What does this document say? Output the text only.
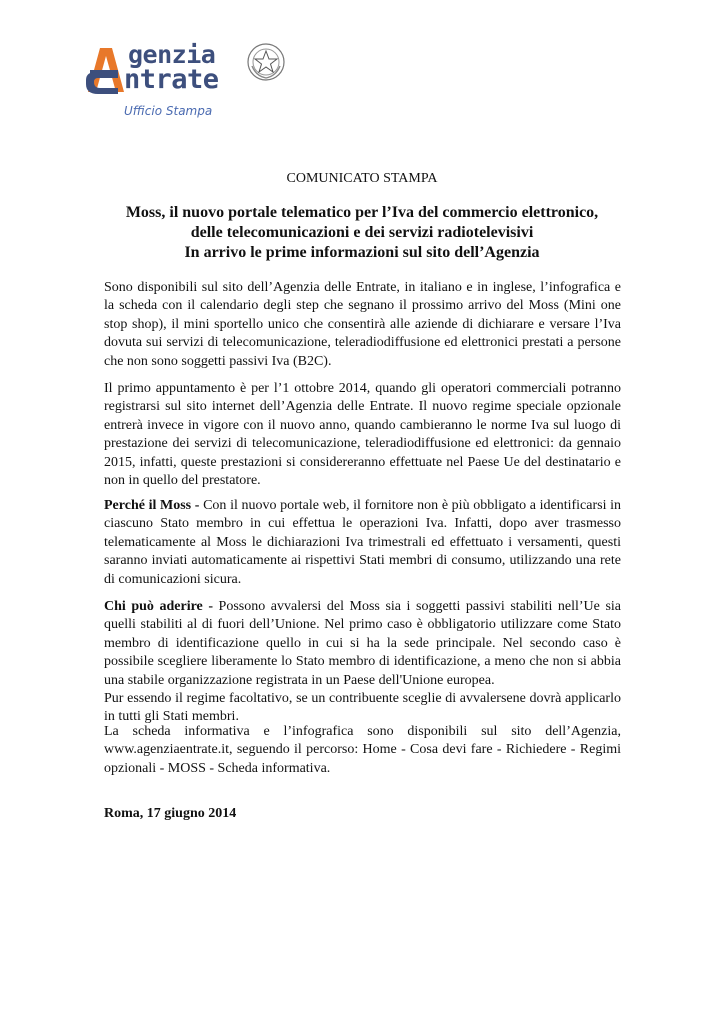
genzia

ntrate

Ufficio Stampa

COMUNICATO STAMPA

Moss, il nuovo portale telematico per l’Iva del commercio elettronico,
delle telecomunicazioni e dei servizi radiotelevisivi
In arrivo le prime informazioni sul sito dell’Agenzia

Sono disponibili sul sito dell’Agenzia delle Entrate, in italiano e in inglese, l’infografica e la scheda con il calendario degli step che segnano il prossimo arrivo del Moss (Mini one stop shop), il mini sportello unico che consentirà alle aziende di dichiarare e versare l’Iva dovuta sui servizi di telecomunicazione, teleradiodiffusione ed elettronici prestati a persone che non sono soggetti passivi Iva (B2C).

Il primo appuntamento è per l’1 ottobre 2014, quando gli operatori commerciali potranno registrarsi sul sito internet dell’Agenzia delle Entrate. Il nuovo regime speciale opzionale entrerà invece in vigore con il nuovo anno, quando cambieranno le norme Iva sul luogo di prestazione dei servizi di telecomunicazione, teleradiodiffusione ed elettronici: da gennaio 2015, infatti, queste prestazioni si considereranno effettuate nel Paese Ue del destinatario e non in quello del prestatore.

Perché il Moss - Con il nuovo portale web, il fornitore non è più obbligato a identificarsi in ciascuno Stato membro in cui effettua le operazioni Iva. Infatti, dopo aver trasmesso telematicamente al Moss le dichiarazioni Iva trimestrali ed effettuato i versamenti, questi saranno inviati automaticamente ai rispettivi Stati membri di consumo, utilizzando una rete di comunicazioni sicura.

Chi può aderire - Possono avvalersi del Moss sia i soggetti passivi stabiliti nell’Ue sia quelli stabiliti al di fuori dell’Unione. Nel primo caso è obbligatorio utilizzare come Stato membro di identificazione quello in cui si ha la sede principale. Nel secondo caso è possibile scegliere liberamente lo Stato membro di identificazione, a meno che non si abbia una stabile organizzazione registrata in un Paese dell'Unione europea.
Pur essendo il regime facoltativo, se un contribuente sceglie di avvalersene dovrà applicarlo in tutti gli Stati membri.

La scheda informativa e l’infografica sono disponibili sul sito dell’Agenzia, www.agenziaentrate.it, seguendo il percorso: Home - Cosa devi fare - Richiedere - Regimi opzionali - MOSS - Scheda informativa.

Roma, 17 giugno 2014
